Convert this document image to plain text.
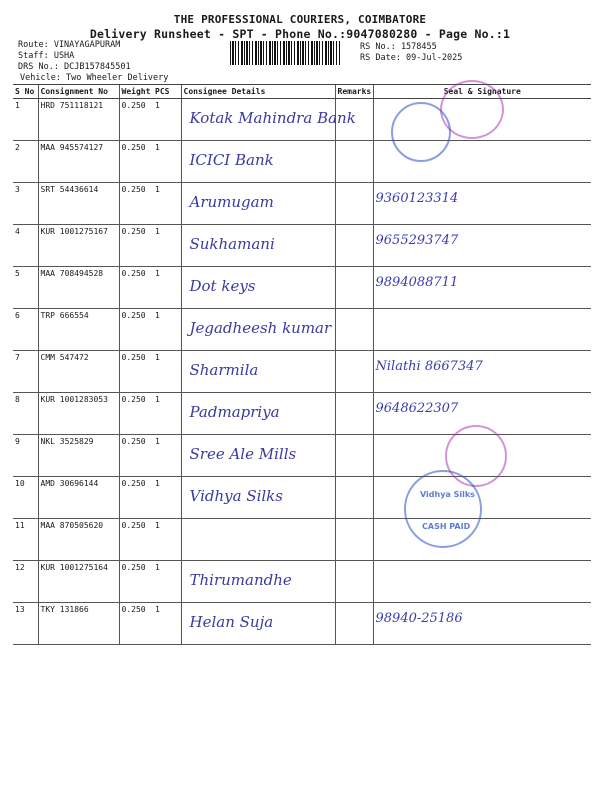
THE PROFESSIONAL COURIERS, COIMBATORE
Delivery Runsheet - SPT - Phone No.:9047080280 - Page No.:1
Route: VINAYAGAPURAM
Staff: USHA
DRS No.: DCJB157845501
Vehicle: Two Wheeler Delivery
RS No.: 1578455
RS Date: 09-Jul-2025
S No	Consignment No	Weight	PCS	Consignee Details	Remarks	Seal & Signature
1	HRD 751118121	0.250	1	Kotak Mahindra Bank		
2	MAA 945574127	0.250	1	ICICI Bank		
3	SRT 54436614	0.250	1	Arumugam		9360123314
4	KUR 1001275167	0.250	1	Sukhamani		9655293747
5	MAA 708494528	0.250	1	Dot keys		9894088711
6	TRP 666554	0.250	1	Jegadheesh kumar		
7	CMM 547472	0.250	1	Sharmila		Nilathi 8667347
8	KUR 1001283053	0.250	1	Padmapriya		9648622307
9	NKL 3525829	0.250	1	Sree Ale Mills		
10	AMD 30696144	0.250	1	Vidhya Silks		
11	MAA 870505620	0.250	1			
12	KUR 1001275164	0.250	1	Thirumandhe		
13	TKY 131866	0.250	1	Helan Suja		98940-25186
Vidhya Silks
CASH PAID
